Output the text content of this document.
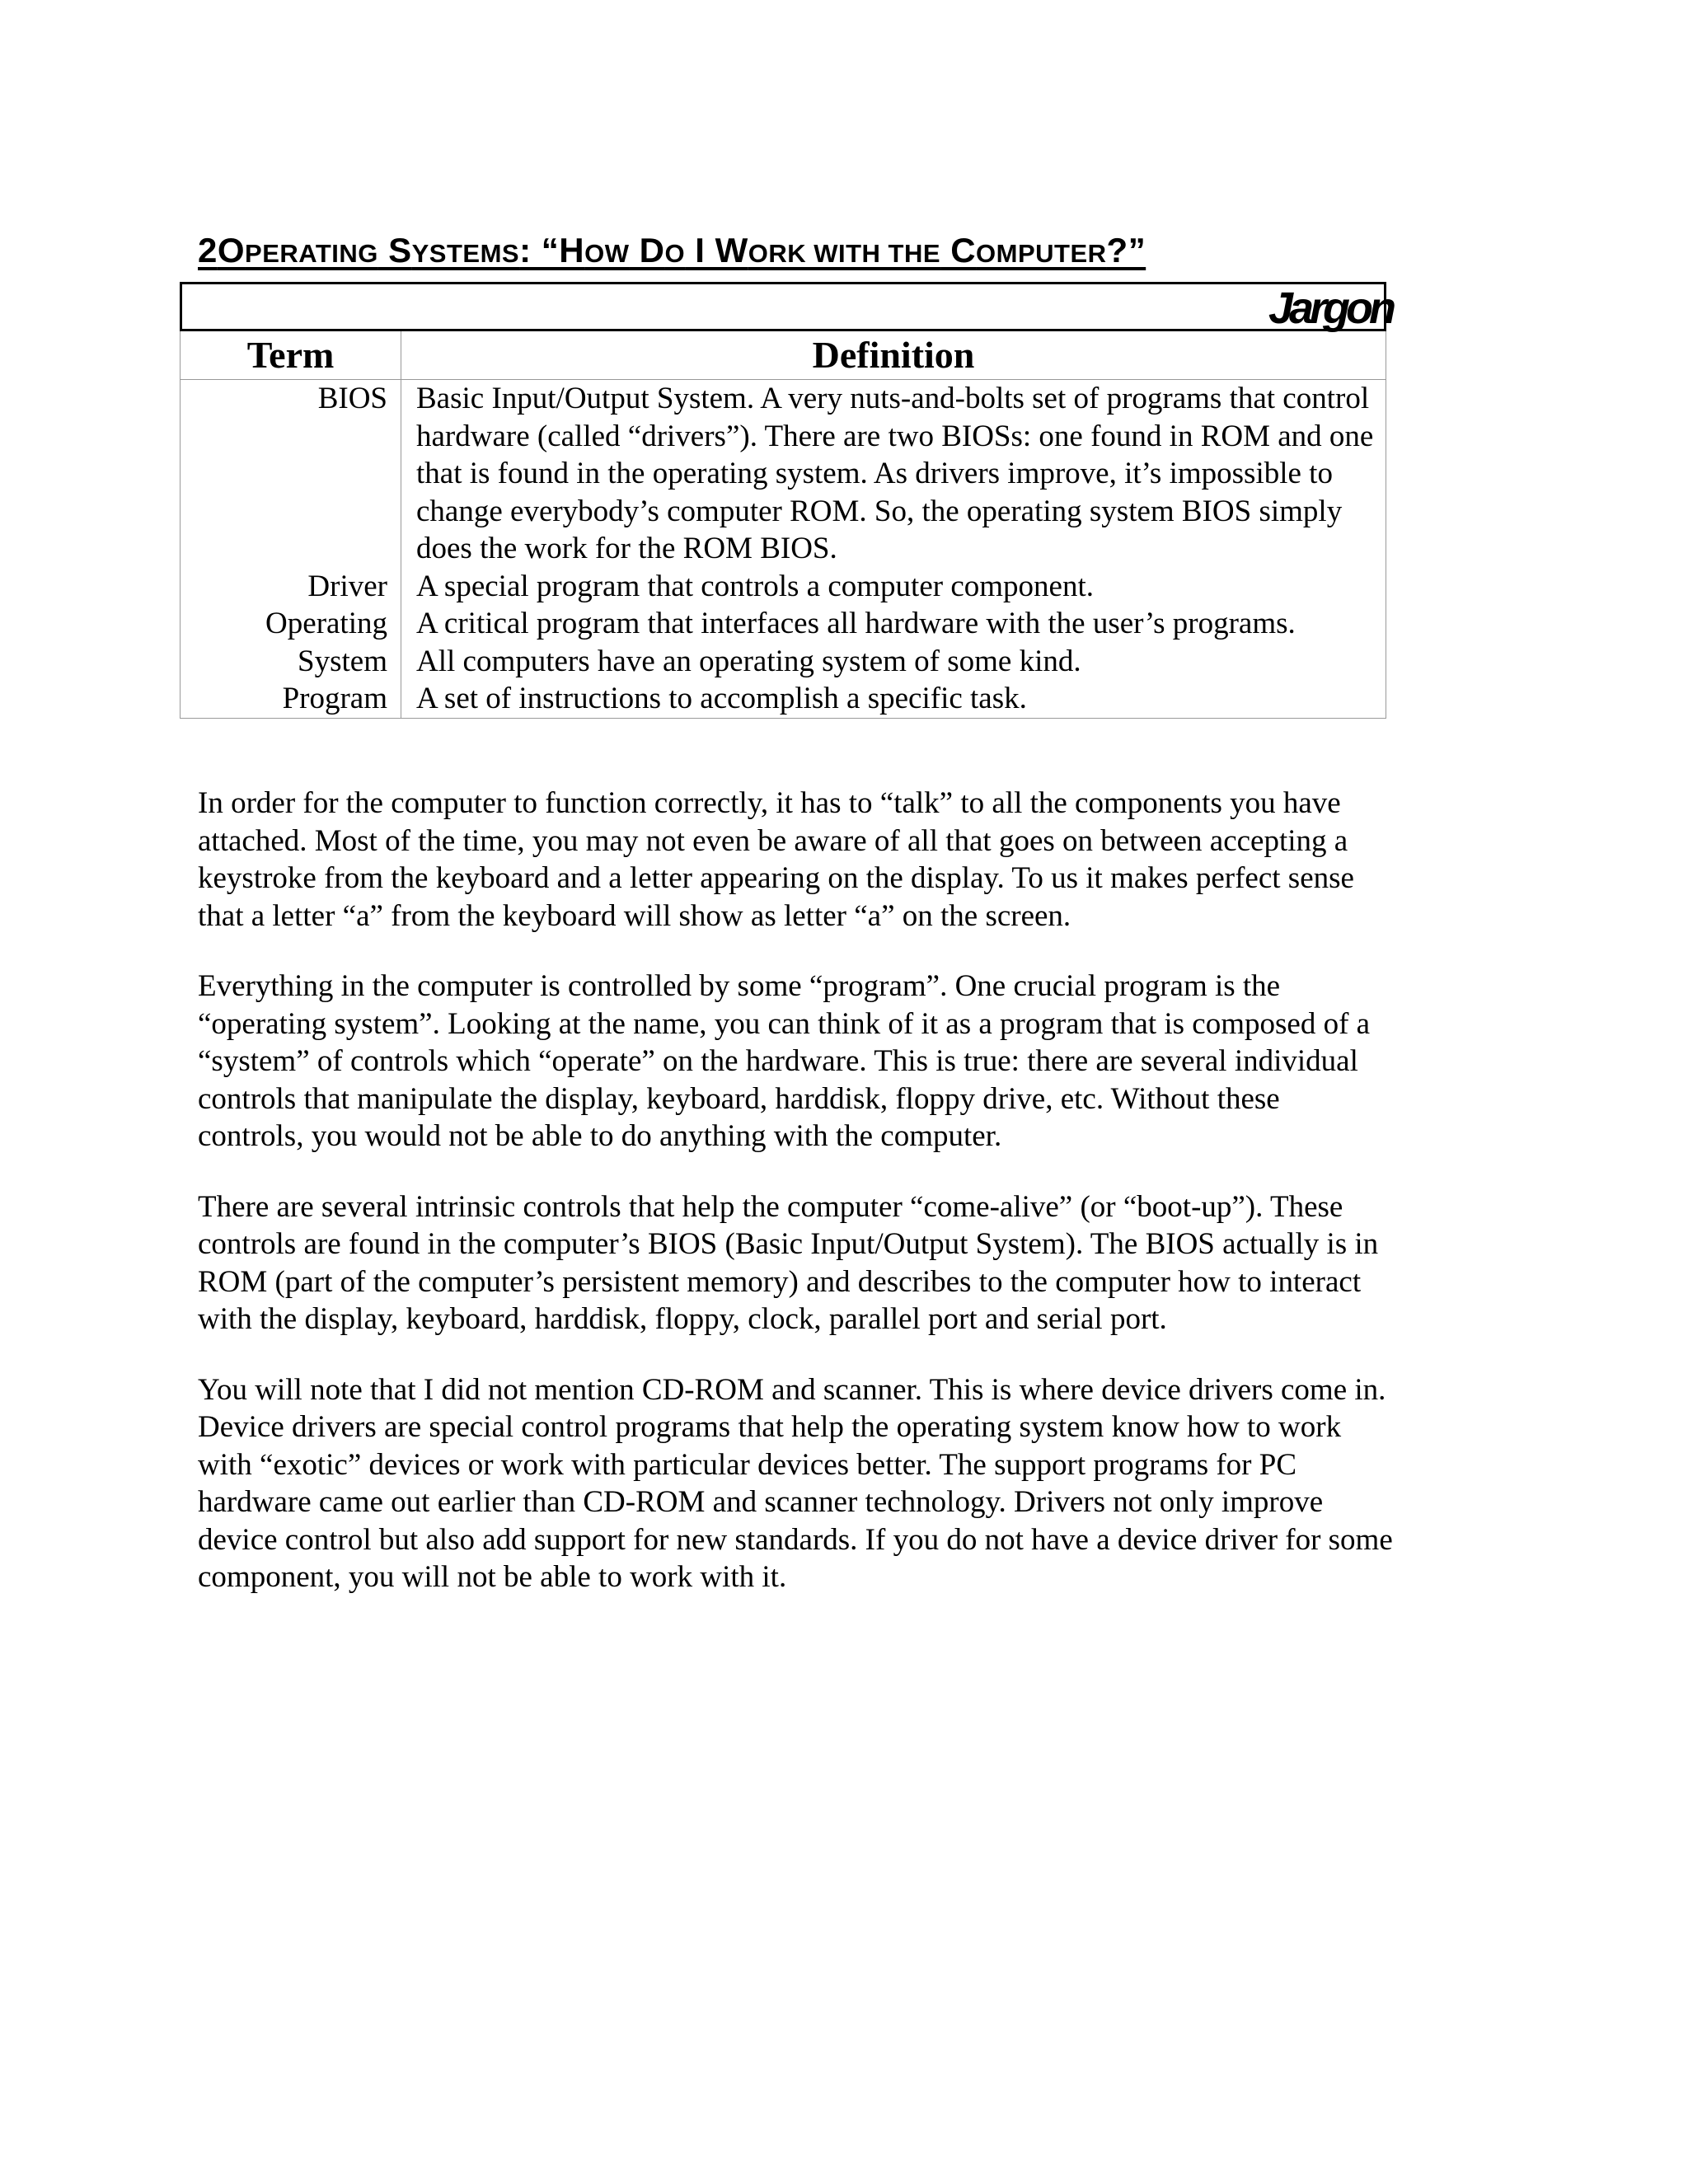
2OPERATING SYSTEMS: “HOW DO I WORK WITH THE COMPUTER?”
Jargon
Term	Definition
BIOS	Basic Input/Output System. A very nuts-and-bolts set of programs that control hardware (called “drivers”). There are two BIOSs: one found in ROM and one that is found in the operating system. As drivers improve, it’s impossible to change everybody’s computer ROM. So, the operating system BIOS simply does the work for the ROM BIOS.
Driver	A special program that controls a computer component.
Operating	A critical program that interfaces all hardware with the user’s programs.
System	All computers have an operating system of some kind.
Program	A set of instructions to accomplish a specific task.

In order for the computer to function correctly, it has to “talk” to all the components you have attached. Most of the time, you may not even be aware of all that goes on between accepting a keystroke from the keyboard and a letter appearing on the display. To us it makes perfect sense that a letter “a” from the keyboard will show as letter “a” on the screen.

Everything in the computer is controlled by some “program”. One crucial program is the “operating system”. Looking at the name, you can think of it as a program that is composed of a “system” of controls which “operate” on the hardware. This is true: there are several individual controls that manipulate the display, keyboard, harddisk, floppy drive, etc. Without these controls, you would not be able to do anything with the computer.

There are several intrinsic controls that help the computer “come-alive” (or “boot-up”). These controls are found in the computer’s BIOS (Basic Input/Output System). The BIOS actually is in ROM (part of the computer’s persistent memory) and describes to the computer how to interact with the display, keyboard, harddisk, floppy, clock, parallel port and serial port.

You will note that I did not mention CD-ROM and scanner. This is where device drivers come in. Device drivers are special control programs that help the operating system know how to work with “exotic” devices or work with particular devices better. The support programs for PC hardware came out earlier than CD-ROM and scanner technology. Drivers not only improve device control but also add support for new standards. If you do not have a device driver for some component, you will not be able to work with it.
